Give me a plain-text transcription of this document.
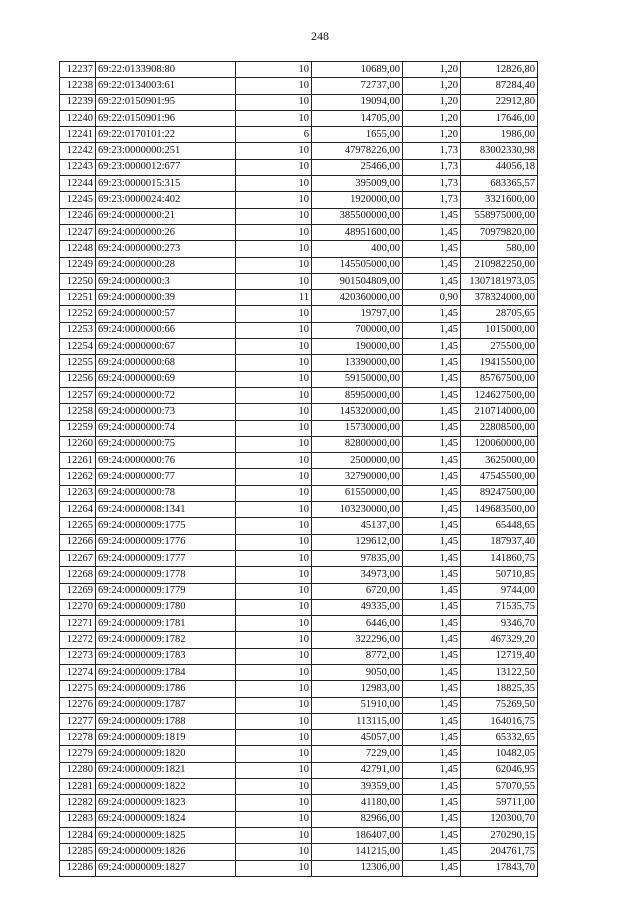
248
12237	69:22:0133908:80	10	10689,00	1,20	12826,80
12238	69:22:0134003:61	10	72737,00	1,20	87284,40
12239	69:22:0150901:95	10	19094,00	1,20	22912,80
12240	69:22:0150901:96	10	14705,00	1,20	17646,00
12241	69:22:0170101:22	6	1655,00	1,20	1986,00
12242	69:23:0000000:251	10	47978226,00	1,73	83002330,98
12243	69:23:0000012:677	10	25466,00	1,73	44056,18
12244	69:23:0000015:315	10	395009,00	1,73	683365,57
12245	69:23:0000024:402	10	1920000,00	1,73	3321600,00
12246	69:24:0000000:21	10	385500000,00	1,45	558975000,00
12247	69:24:0000000:26	10	48951600,00	1,45	70979820,00
12248	69:24:0000000:273	10	400,00	1,45	580,00
12249	69:24:0000000:28	10	145505000,00	1,45	210982250,00
12250	69:24:0000000:3	10	901504809,00	1,45	1307181973,05
12251	69:24:0000000:39	11	420360000,00	0,90	378324000,00
12252	69:24:0000000:57	10	19797,00	1,45	28705,65
12253	69:24:0000000:66	10	700000,00	1,45	1015000,00
12254	69:24:0000000:67	10	190000,00	1,45	275500,00
12255	69:24:0000000:68	10	13390000,00	1,45	19415500,00
12256	69:24:0000000:69	10	59150000,00	1,45	85767500,00
12257	69:24:0000000:72	10	85950000,00	1,45	124627500,00
12258	69:24:0000000:73	10	145320000,00	1,45	210714000,00
12259	69:24:0000000:74	10	15730000,00	1,45	22808500,00
12260	69:24:0000000:75	10	82800000,00	1,45	120060000,00
12261	69:24:0000000:76	10	2500000,00	1,45	3625000,00
12262	69:24:0000000:77	10	32790000,00	1,45	47545500,00
12263	69:24:0000000:78	10	61550000,00	1,45	89247500,00
12264	69:24:0000008:1341	10	103230000,00	1,45	149683500,00
12265	69:24:0000009:1775	10	45137,00	1,45	65448,65
12266	69:24:0000009:1776	10	129612,00	1,45	187937,40
12267	69:24:0000009:1777	10	97835,00	1,45	141860,75
12268	69:24:0000009:1778	10	34973,00	1,45	50710,85
12269	69:24:0000009:1779	10	6720,00	1,45	9744,00
12270	69:24:0000009:1780	10	49335,00	1,45	71535,75
12271	69:24:0000009:1781	10	6446,00	1,45	9346,70
12272	69:24:0000009:1782	10	322296,00	1,45	467329,20
12273	69:24:0000009:1783	10	8772,00	1,45	12719,40
12274	69:24:0000009:1784	10	9050,00	1,45	13122,50
12275	69:24:0000009:1786	10	12983,00	1,45	18825,35
12276	69:24:0000009:1787	10	51910,00	1,45	75269,50
12277	69:24:0000009:1788	10	113115,00	1,45	164016,75
12278	69:24:0000009:1819	10	45057,00	1,45	65332,65
12279	69:24:0000009:1820	10	7229,00	1,45	10482,05
12280	69:24:0000009:1821	10	42791,00	1,45	62046,95
12281	69:24:0000009:1822	10	39359,00	1,45	57070,55
12282	69:24:0000009:1823	10	41180,00	1,45	59711,00
12283	69:24:0000009:1824	10	82966,00	1,45	120300,70
12284	69:24:0000009:1825	10	186407,00	1,45	270290,15
12285	69:24:0000009:1826	10	141215,00	1,45	204761,75
12286	69:24:0000009:1827	10	12306,00	1,45	17843,70
